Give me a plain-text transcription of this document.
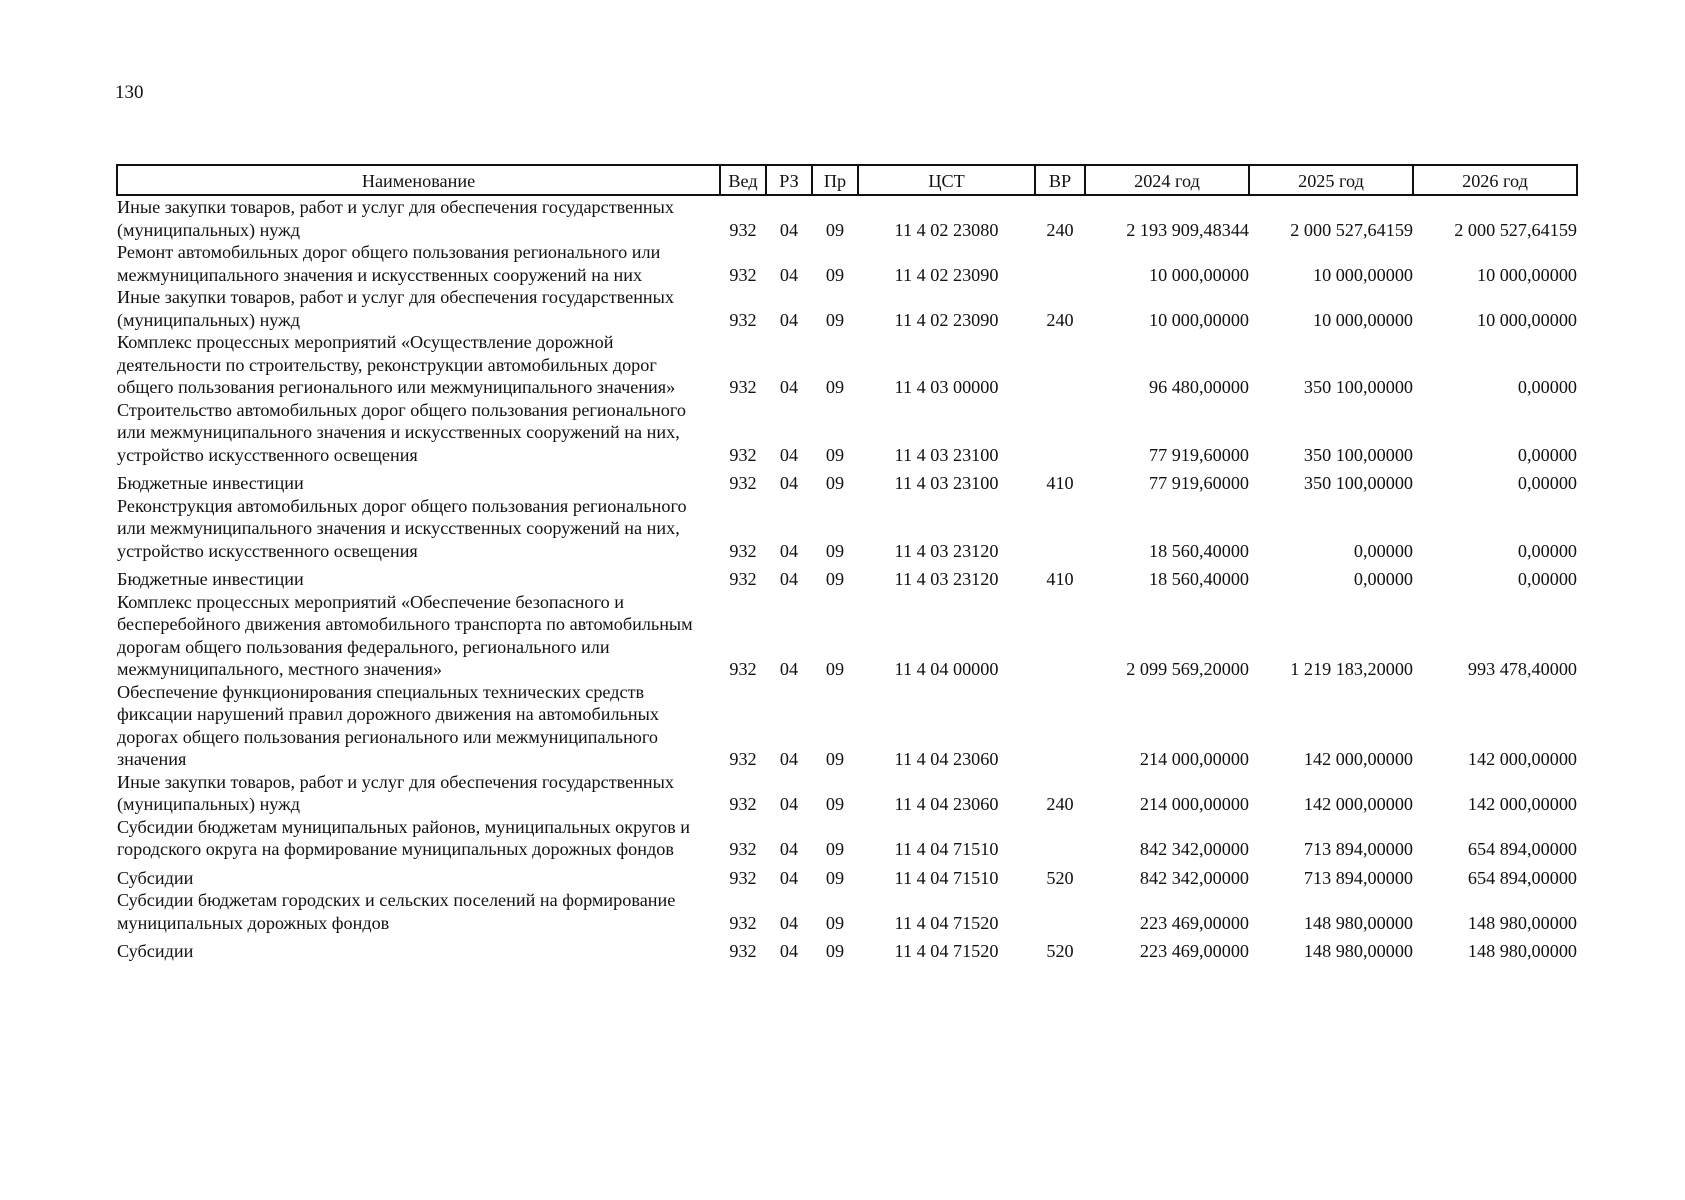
130
Наименование	Вед	РЗ	Пр	ЦСТ	ВР	2024 год	2025 год	2026 год
Иные закупки товаров, работ и услуг для обеспечения государственных (муниципальных) нужд	932	04	09	11 4 02 23080	240	2 193 909,48344	2 000 527,64159	2 000 527,64159
Ремонт автомобильных дорог общего пользования регионального или межмуниципального значения и искусственных сооружений на них	932	04	09	11 4 02 23090		10 000,00000	10 000,00000	10 000,00000
Иные закупки товаров, работ и услуг для обеспечения государственных (муниципальных) нужд	932	04	09	11 4 02 23090	240	10 000,00000	10 000,00000	10 000,00000
Комплекс процессных мероприятий «Осуществление дорожной деятельности по строительству, реконструкции автомобильных дорог общего пользования регионального или межмуниципального значения»	932	04	09	11 4 03 00000		96 480,00000	350 100,00000	0,00000
Строительство автомобильных дорог общего пользования регионального или межмуниципального значения и искусственных сооружений на них, устройство искусственного освещения	932	04	09	11 4 03 23100		77 919,60000	350 100,00000	0,00000
Бюджетные инвестиции	932	04	09	11 4 03 23100	410	77 919,60000	350 100,00000	0,00000
Реконструкция автомобильных дорог общего пользования регионального или межмуниципального значения и искусственных сооружений на них, устройство искусственного освещения	932	04	09	11 4 03 23120		18 560,40000	0,00000	0,00000
Бюджетные инвестиции	932	04	09	11 4 03 23120	410	18 560,40000	0,00000	0,00000
Комплекс процессных мероприятий «Обеспечение безопасного и бесперебойного движения автомобильного транспорта по автомобильным дорогам общего пользования федерального, регионального или межмуниципального, местного значения»	932	04	09	11 4 04 00000		2 099 569,20000	1 219 183,20000	993 478,40000
Обеспечение функционирования специальных технических средств фиксации нарушений правил дорожного движения на автомобильных дорогах общего пользования регионального или межмуниципального значения	932	04	09	11 4 04 23060		214 000,00000	142 000,00000	142 000,00000
Иные закупки товаров, работ и услуг для обеспечения государственных (муниципальных) нужд	932	04	09	11 4 04 23060	240	214 000,00000	142 000,00000	142 000,00000
Субсидии бюджетам муниципальных районов, муниципальных округов и городского округа на формирование муниципальных дорожных фондов	932	04	09	11 4 04 71510		842 342,00000	713 894,00000	654 894,00000
Субсидии	932	04	09	11 4 04 71510	520	842 342,00000	713 894,00000	654 894,00000
Субсидии бюджетам городских и сельских поселений на формирование муниципальных дорожных фондов	932	04	09	11 4 04 71520		223 469,00000	148 980,00000	148 980,00000
Субсидии	932	04	09	11 4 04 71520	520	223 469,00000	148 980,00000	148 980,00000
